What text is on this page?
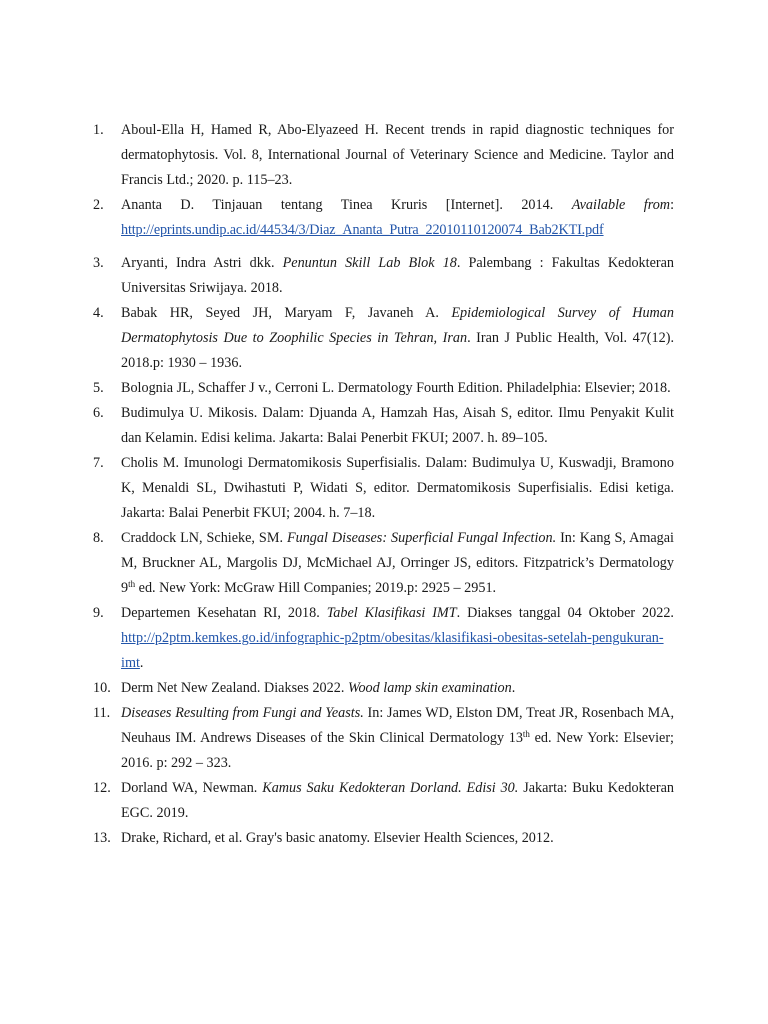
1. Aboul-Ella H, Hamed R, Abo-Elyazeed H. Recent trends in rapid diagnostic techniques for dermatophytosis. Vol. 8, International Journal of Veterinary Science and Medicine. Taylor and Francis Ltd.; 2020. p. 115–23.
2. Ananta D. Tinjauan tentang Tinea Kruris [Internet]. 2014. Available from: http://eprints.undip.ac.id/44534/3/Diaz_Ananta_Putra_22010110120074_Bab2KTI.pdf
3. Aryanti, Indra Astri dkk. Penuntun Skill Lab Blok 18. Palembang : Fakultas Kedokteran Universitas Sriwijaya. 2018.
4. Babak HR, Seyed JH, Maryam F, Javaneh A. Epidemiological Survey of Human Dermatophytosis Due to Zoophilic Species in Tehran, Iran. Iran J Public Health, Vol. 47(12). 2018.p: 1930 – 1936.
5. Bolognia JL, Schaffer J v., Cerroni L. Dermatology Fourth Edition. Philadelphia: Elsevier; 2018.
6. Budimulya U. Mikosis. Dalam: Djuanda A, Hamzah Has, Aisah S, editor. Ilmu Penyakit Kulit dan Kelamin. Edisi kelima. Jakarta: Balai Penerbit FKUI; 2007. h. 89–105.
7. Cholis M. Imunologi Dermatomikosis Superfisialis. Dalam: Budimulya U, Kuswadji, Bramono K, Menaldi SL, Dwihastuti P, Widati S, editor. Dermatomikosis Superfisialis. Edisi ketiga. Jakarta: Balai Penerbit FKUI; 2004. h. 7–18.
8. Craddock LN, Schieke, SM. Fungal Diseases: Superficial Fungal Infection. In: Kang S, Amagai M, Bruckner AL, Margolis DJ, McMichael AJ, Orringer JS, editors. Fitzpatrick’s Dermatology 9th ed. New York: McGraw Hill Companies; 2019.p: 2925 – 2951.
9. Departemen Kesehatan RI, 2018. Tabel Klasifikasi IMT. Diakses tanggal 04 Oktober 2022. http://p2ptm.kemkes.go.id/infographic-p2ptm/obesitas/klasifikasi-obesitas-setelah-pengukuran-imt.
10. Derm Net New Zealand. Diakses 2022. Wood lamp skin examination.
11. Diseases Resulting from Fungi and Yeasts. In: James WD, Elston DM, Treat JR, Rosenbach MA, Neuhaus IM. Andrews Diseases of the Skin Clinical Dermatology 13th ed. New York: Elsevier; 2016. p: 292 – 323.
12. Dorland WA, Newman. Kamus Saku Kedokteran Dorland. Edisi 30. Jakarta: Buku Kedokteran EGC. 2019.
13. Drake, Richard, et al. Gray's basic anatomy. Elsevier Health Sciences, 2012.
